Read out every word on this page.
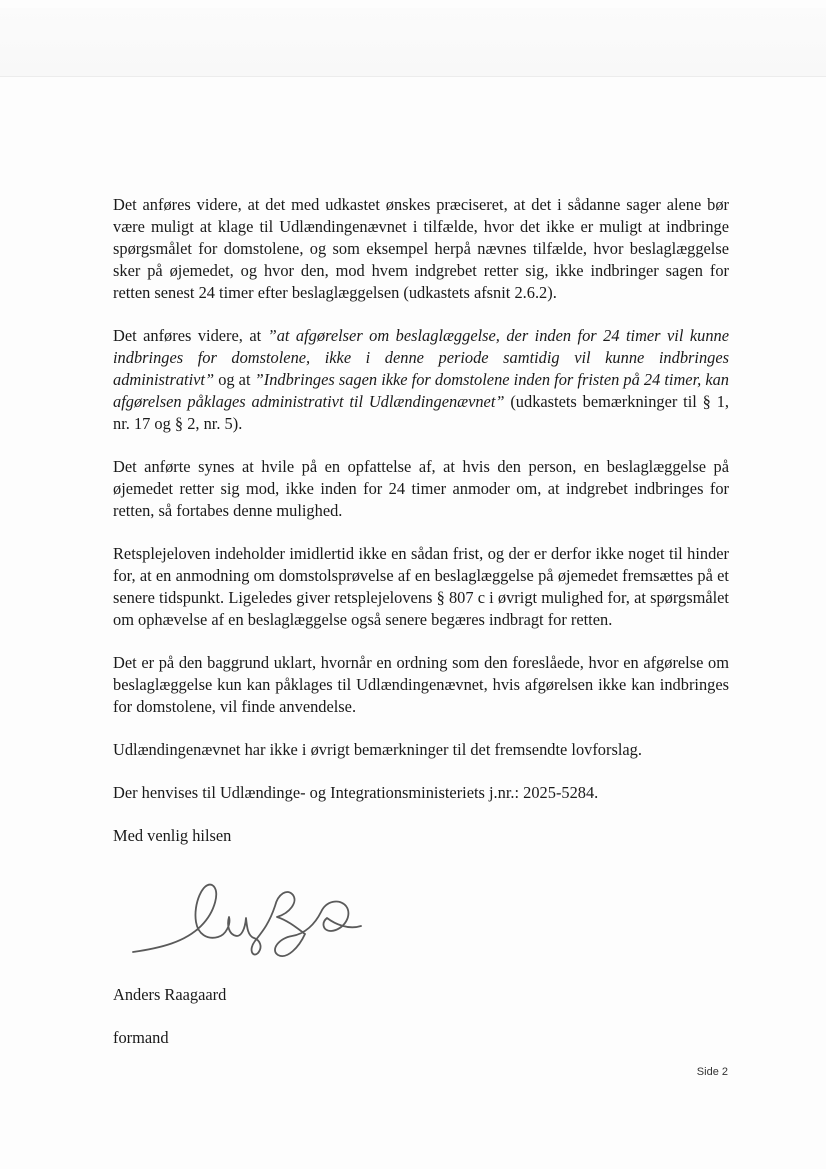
Det anføres videre, at det med udkastet ønskes præciseret, at det i sådanne sager alene bør være muligt at klage til Udlændingenævnet i tilfælde, hvor det ikke er muligt at indbringe spørgsmålet for domstolene, og som eksempel herpå nævnes tilfælde, hvor beslaglæggelse sker på øjemedet, og hvor den, mod hvem indgrebet retter sig, ikke indbringer sagen for retten senest 24 timer efter beslaglæggelsen (udkastets afsnit 2.6.2).

Det anføres videre, at ”at afgørelser om beslaglæggelse, der inden for 24 timer vil kunne indbringes for domstolene, ikke i denne periode samtidig vil kunne indbringes administrativt” og at ”Indbringes sagen ikke for domstolene inden for fristen på 24 timer, kan afgørelsen påklages administrativt til Udlændingenævnet” (udkastets bemærkninger til § 1, nr. 17 og § 2, nr. 5).

Det anførte synes at hvile på en opfattelse af, at hvis den person, en beslaglæggelse på øjemedet retter sig mod, ikke inden for 24 timer anmoder om, at indgrebet indbringes for retten, så fortabes denne mulighed.

Retsplejeloven indeholder imidlertid ikke en sådan frist, og der er derfor ikke noget til hinder for, at en anmodning om domstolsprøvelse af en beslaglæggelse på øjemedet fremsættes på et senere tidspunkt. Ligeledes giver retsplejelovens § 807 c i øvrigt mulighed for, at spørgsmålet om ophævelse af en beslaglæggelse også senere begæres indbragt for retten.

Det er på den baggrund uklart, hvornår en ordning som den foreslåede, hvor en afgørelse om beslaglæggelse kun kan påklages til Udlændingenævnet, hvis afgørelsen ikke kan indbringes for domstolene, vil finde anvendelse.

Udlændingenævnet har ikke i øvrigt bemærkninger til det fremsendte lovforslag.

Der henvises til Udlændinge- og Integrationsministeriets j.nr.: 2025-5284.

Med venlig hilsen

Anders Raagaard

formand

Side 2
